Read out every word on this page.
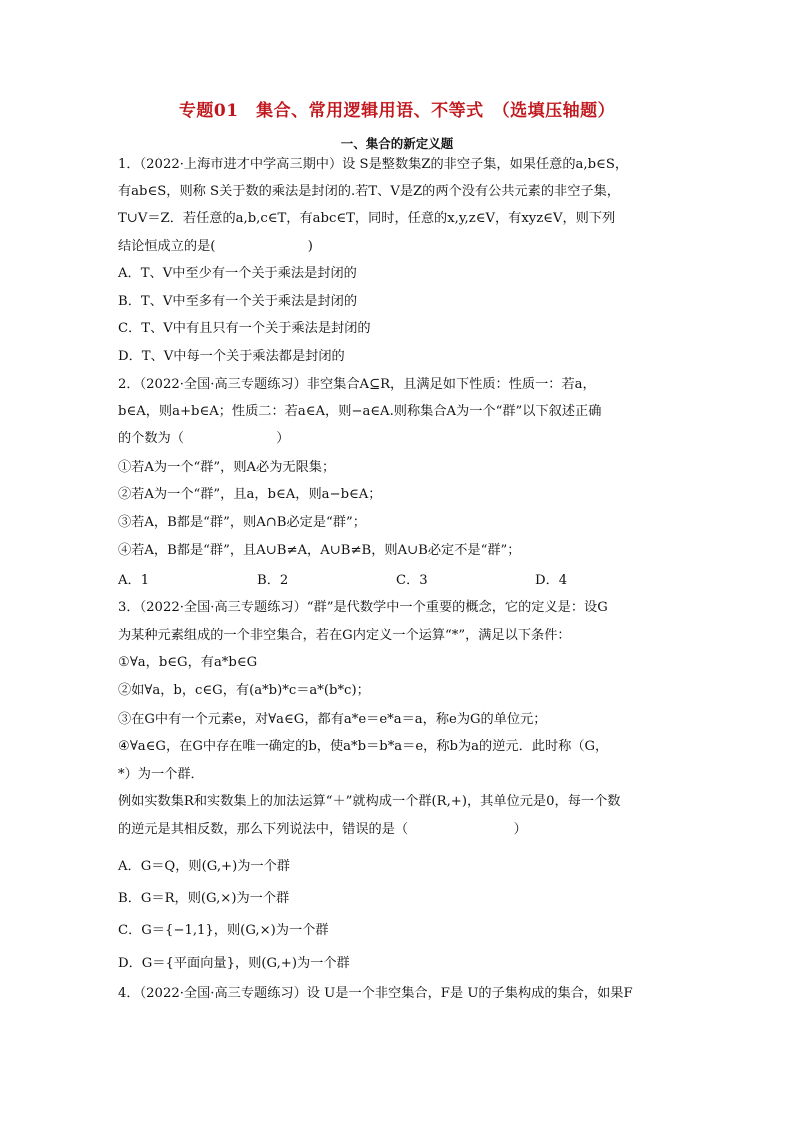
专题01　集合、常用逻辑用语、不等式　（选填压轴题）
一、集合的新定义题
1．（2022·上海市进才中学高三期中）设 S是整数集Z的非空子集，如果任意的a,b∈S，
有ab∈S，则称 S关于数的乘法是封闭的.若T、V是Z的两个没有公共元素的非空子集，
T∪V＝Z．若任意的a,b,c∈T，有abc∈T，同时，任意的x,y,z∈V，有xyz∈V，则下列
结论恒成立的是(　　　　　　　)
A．T、V中至少有一个关于乘法是封闭的
B．T、V中至多有一个关于乘法是封闭的
C．T、V中有且只有一个关于乘法是封闭的
D．T、V中每一个关于乘法都是封闭的
2．（2022·全国·高三专题练习）非空集合A⊆R，且满足如下性质：性质一：若a，
b∈A，则a+b∈A；性质二：若a∈A，则−a∈A.则称集合A为一个“群”以下叙述正确
的个数为（　　　　　　　）
①若A为一个“群”，则A必为无限集；
②若A为一个“群”，且a，b∈A，则a−b∈A；
③若A，B都是“群”，则A∩B必定是“群”；
④若A，B都是“群”，且A∪B≠A，A∪B≠B，则A∪B必定不是“群”；
A．1	B．2	C．3	D．4
3．（2022·全国·高三专题练习）“群”是代数学中一个重要的概念，它的定义是：设G
为某种元素组成的一个非空集合，若在G内定义一个运算“*”，满足以下条件：
①∀a，b∈G，有a*b∈G
②如∀a，b，c∈G，有(a*b)*c＝a*(b*c)；
③在G中有一个元素e，对∀a∈G，都有a*e＝e*a＝a，称e为G的单位元；
④∀a∈G，在G中存在唯一确定的b，使a*b＝b*a＝e，称b为a的逆元．此时称（G，
*）为一个群．
例如实数集R和实数集上的加法运算“＋”就构成一个群(R,+)，其单位元是0，每一个数
的逆元是其相反数，那么下列说法中，错误的是（　　　　　　　　）
A．G＝Q，则(G,+)为一个群
B．G＝R，则(G,×)为一个群
C．G＝{−1,1}，则(G,×)为一个群
D．G＝{平面向量}，则(G,+)为一个群
4．（2022·全国·高三专题练习）设 U是一个非空集合，F是 U的子集构成的集合，如果F
